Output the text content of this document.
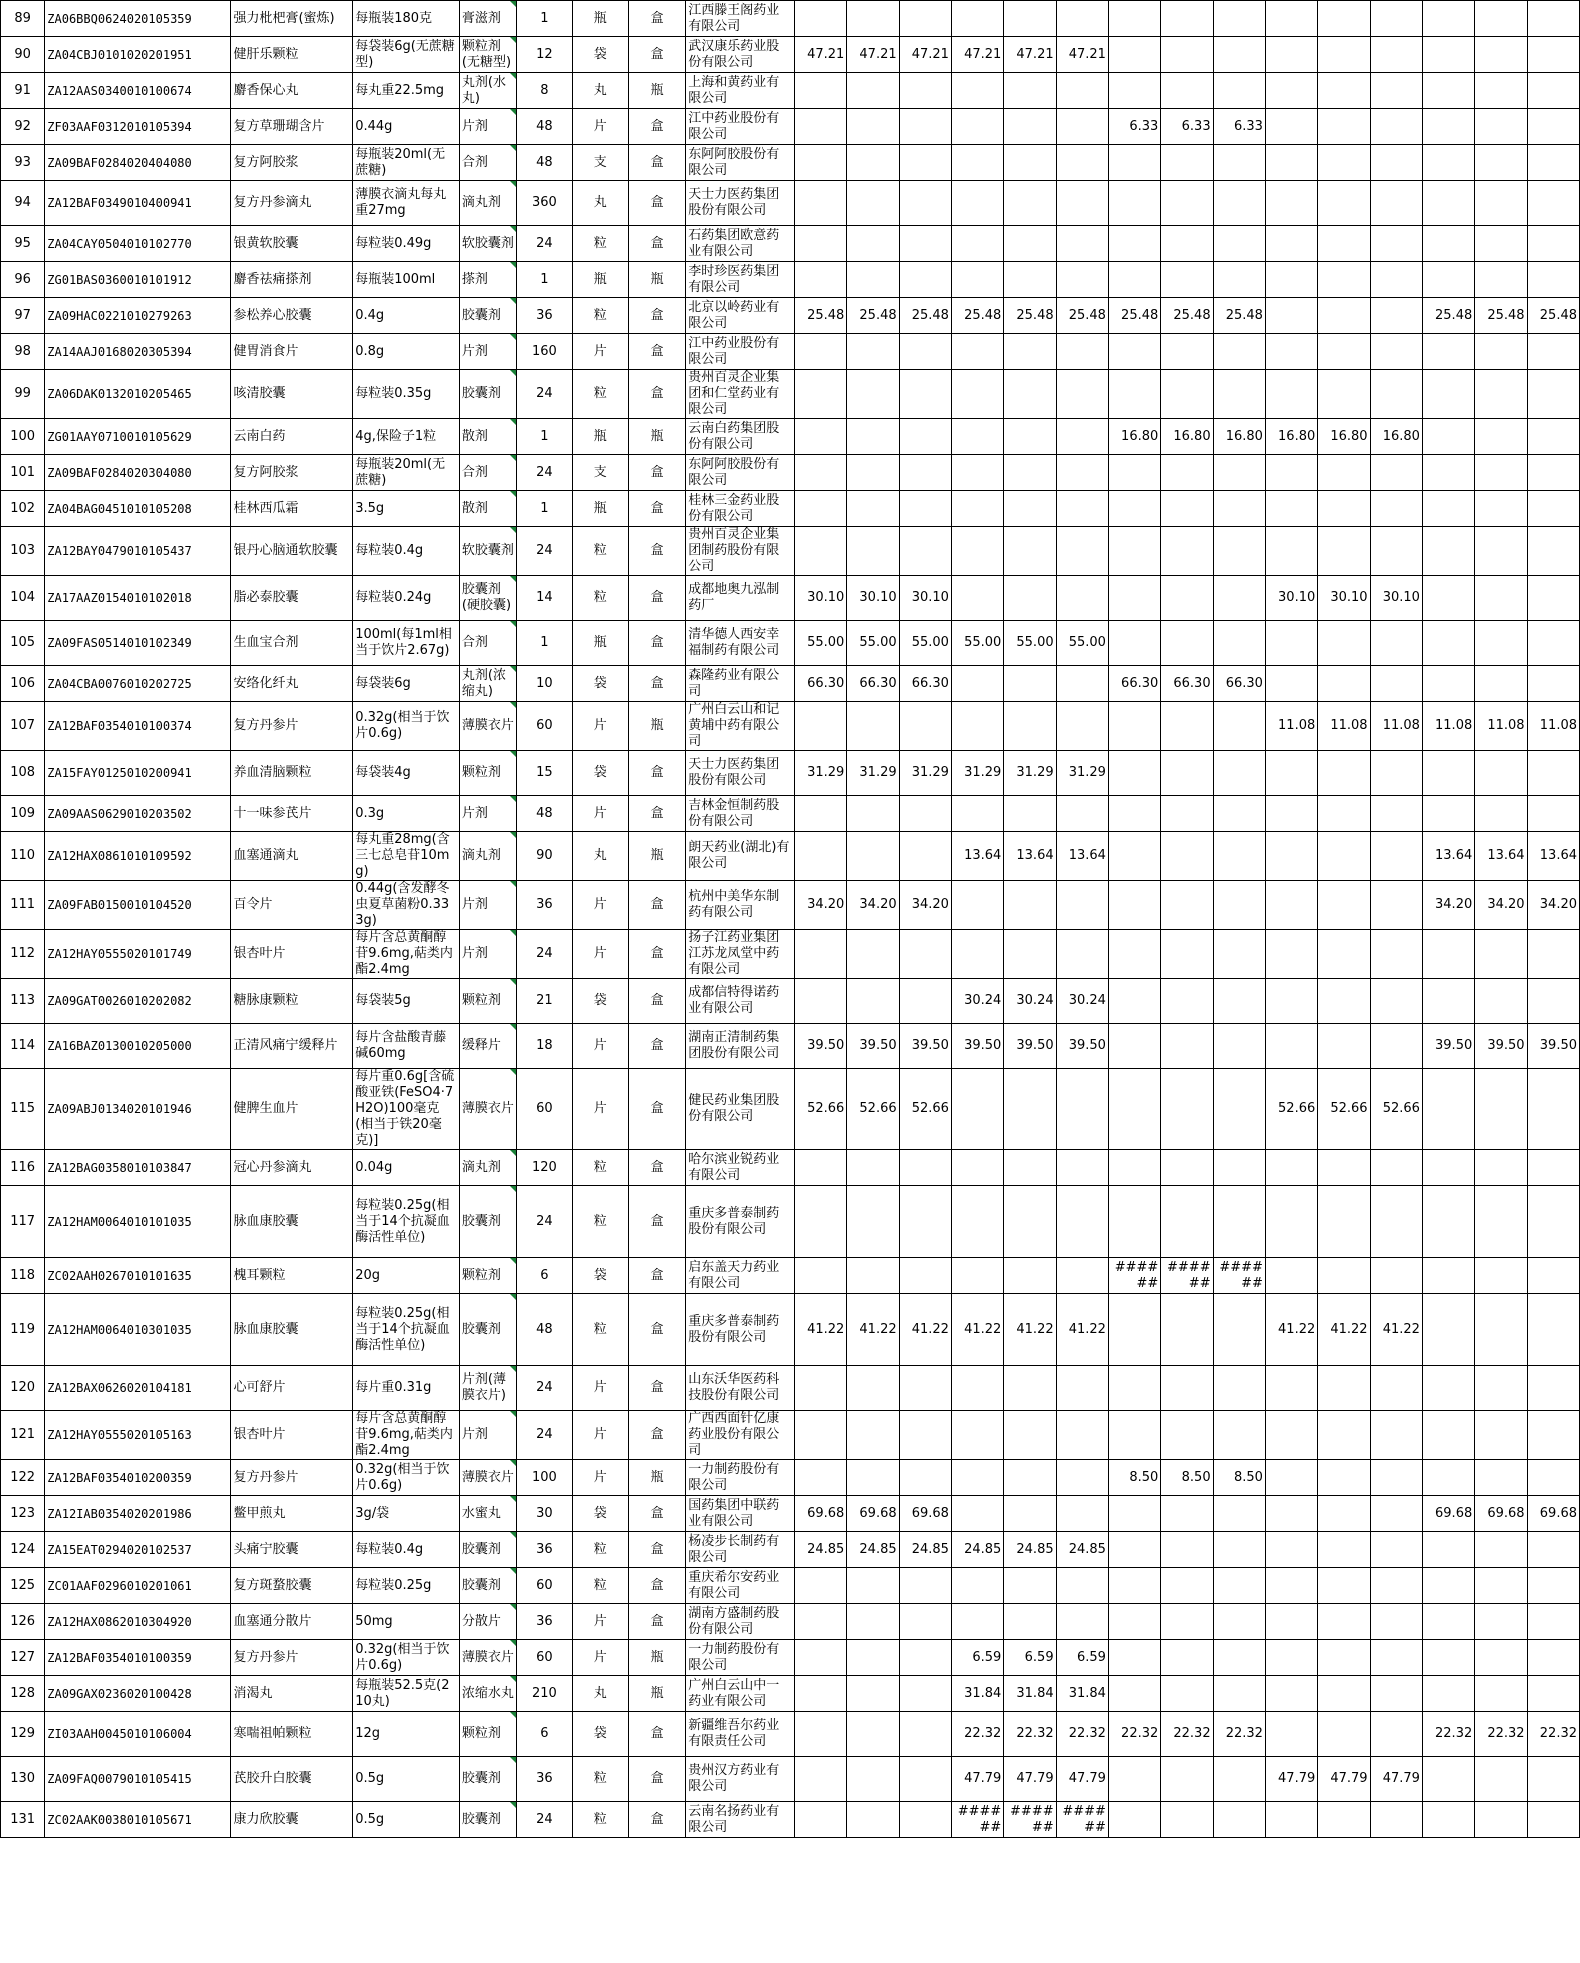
89	ZA06BBQ0624020105359	强力枇杷膏(蜜炼)	每瓶装180克	膏滋剂	1	瓶	盒	江西滕王阁药业有限公司															
90	ZA04CBJ0101020201951	健肝乐颗粒	每袋装6g(无蔗糖型)	颗粒剂(无糖型)	12	袋	盒	武汉康乐药业股份有限公司	47.21	47.21	47.21	47.21	47.21	47.21									
91	ZA12AAS0340010100674	麝香保心丸	每丸重22.5mg	丸剂(水丸)	8	丸	瓶	上海和黄药业有限公司															
92	ZF03AAF0312010105394	复方草珊瑚含片	0.44g	片剂	48	片	盒	江中药业股份有限公司							6.33	6.33	6.33						
93	ZA09BAF0284020404080	复方阿胶浆	每瓶装20ml(无蔗糖)	合剂	48	支	盒	东阿阿胶股份有限公司															
94	ZA12BAF0349010400941	复方丹参滴丸	薄膜衣滴丸每丸重27mg	滴丸剂	360	丸	盒	天士力医药集团股份有限公司															
95	ZA04CAY0504010102770	银黄软胶囊	每粒装0.49g	软胶囊剂	24	粒	盒	石药集团欧意药业有限公司															
96	ZG01BAS0360010101912	麝香祛痛搽剂	每瓶装100ml	搽剂	1	瓶	瓶	李时珍医药集团有限公司															
97	ZA09HAC0221010279263	参松养心胶囊	0.4g	胶囊剂	36	粒	盒	北京以岭药业有限公司	25.48	25.48	25.48	25.48	25.48	25.48	25.48	25.48	25.48				25.48	25.48	25.48
98	ZA14AAJ0168020305394	健胃消食片	0.8g	片剂	160	片	盒	江中药业股份有限公司															
99	ZA06DAK0132010205465	咳清胶囊	每粒装0.35g	胶囊剂	24	粒	盒	贵州百灵企业集团和仁堂药业有限公司															
100	ZG01AAY0710010105629	云南白药	4g,保险子1粒	散剂	1	瓶	瓶	云南白药集团股份有限公司							16.80	16.80	16.80	16.80	16.80	16.80			
101	ZA09BAF0284020304080	复方阿胶浆	每瓶装20ml(无蔗糖)	合剂	24	支	盒	东阿阿胶股份有限公司															
102	ZA04BAG0451010105208	桂林西瓜霜	3.5g	散剂	1	瓶	盒	桂林三金药业股份有限公司															
103	ZA12BAY0479010105437	银丹心脑通软胶囊	每粒装0.4g	软胶囊剂	24	粒	盒	贵州百灵企业集团制药股份有限公司															
104	ZA17AAZ0154010102018	脂必泰胶囊	每粒装0.24g	胶囊剂(硬胶囊)	14	粒	盒	成都地奥九泓制药厂	30.10	30.10	30.10							30.10	30.10	30.10			
105	ZA09FAS0514010102349	生血宝合剂	100ml(每1ml相当于饮片2.67g)	合剂	1	瓶	盒	清华德人西安幸福制药有限公司	55.00	55.00	55.00	55.00	55.00	55.00									
106	ZA04CBA0076010202725	安络化纤丸	每袋装6g	丸剂(浓缩丸)	10	袋	盒	森隆药业有限公司	66.30	66.30	66.30				66.30	66.30	66.30						
107	ZA12BAF0354010100374	复方丹参片	0.32g(相当于饮片0.6g)	薄膜衣片	60	片	瓶	广州白云山和记黄埔中药有限公司										11.08	11.08	11.08	11.08	11.08	11.08
108	ZA15FAY0125010200941	养血清脑颗粒	每袋装4g	颗粒剂	15	袋	盒	天士力医药集团股份有限公司	31.29	31.29	31.29	31.29	31.29	31.29									
109	ZA09AAS0629010203502	十一味参芪片	0.3g	片剂	48	片	盒	吉林金恒制药股份有限公司															
110	ZA12HAX0861010109592	血塞通滴丸	每丸重28mg(含三七总皂苷10mg)	滴丸剂	90	丸	瓶	朗天药业(湖北)有限公司				13.64	13.64	13.64							13.64	13.64	13.64
111	ZA09FAB0150010104520	百令片	0.44g(含发酵冬虫夏草菌粉0.333g)	片剂	36	片	盒	杭州中美华东制药有限公司	34.20	34.20	34.20										34.20	34.20	34.20
112	ZA12HAY0555020101749	银杏叶片	每片含总黄酮醇苷9.6mg,萜类内酯2.4mg	片剂	24	片	盒	扬子江药业集团江苏龙凤堂中药有限公司															
113	ZA09GAT0026010202082	糖脉康颗粒	每袋装5g	颗粒剂	21	袋	盒	成都信特得诺药业有限公司				30.24	30.24	30.24									
114	ZA16BAZ0130010205000	正清风痛宁缓释片	每片含盐酸青藤碱60mg	缓释片	18	片	盒	湖南正清制药集团股份有限公司	39.50	39.50	39.50	39.50	39.50	39.50							39.50	39.50	39.50
115	ZA09ABJ0134020101946	健脾生血片	每片重0.6g[含硫酸亚铁(FeSO4·7H2O)100毫克(相当于铁20毫克)]	薄膜衣片	60	片	盒	健民药业集团股份有限公司	52.66	52.66	52.66							52.66	52.66	52.66			
116	ZA12BAG0358010103847	冠心丹参滴丸	0.04g	滴丸剂	120	粒	盒	哈尔滨业锐药业有限公司															
117	ZA12HAM0064010101035	脉血康胶囊	每粒装0.25g(相当于14个抗凝血酶活性单位)	胶囊剂	24	粒	盒	重庆多普泰制药股份有限公司															
118	ZC02AAH0267010101635	槐耳颗粒	20g	颗粒剂	6	袋	盒	启东盖天力药业有限公司							######	######	######						
119	ZA12HAM0064010301035	脉血康胶囊	每粒装0.25g(相当于14个抗凝血酶活性单位)	胶囊剂	48	粒	盒	重庆多普泰制药股份有限公司	41.22	41.22	41.22	41.22	41.22	41.22				41.22	41.22	41.22			
120	ZA12BAX0626020104181	心可舒片	每片重0.31g	片剂(薄膜衣片)	24	片	盒	山东沃华医药科技股份有限公司															
121	ZA12HAY0555020105163	银杏叶片	每片含总黄酮醇苷9.6mg,萜类内酯2.4mg	片剂	24	片	盒	广西西面针亿康药业股份有限公司															
122	ZA12BAF0354010200359	复方丹参片	0.32g(相当于饮片0.6g)	薄膜衣片	100	片	瓶	一力制药股份有限公司							8.50	8.50	8.50						
123	ZA12IAB0354020201986	鳖甲煎丸	3g/袋	水蜜丸	30	袋	盒	国药集团中联药业有限公司	69.68	69.68	69.68										69.68	69.68	69.68
124	ZA15EAT0294020102537	头痛宁胶囊	每粒装0.4g	胶囊剂	36	粒	盒	杨凌步长制药有限公司	24.85	24.85	24.85	24.85	24.85	24.85									
125	ZC01AAF0296010201061	复方斑蝥胶囊	每粒装0.25g	胶囊剂	60	粒	盒	重庆希尔安药业有限公司															
126	ZA12HAX0862010304920	血塞通分散片	50mg	分散片	36	片	盒	湖南方盛制药股份有限公司															
127	ZA12BAF0354010100359	复方丹参片	0.32g(相当于饮片0.6g)	薄膜衣片	60	片	瓶	一力制药股份有限公司				6.59	6.59	6.59									
128	ZA09GAX0236020100428	消渴丸	每瓶装52.5克(210丸)	浓缩水丸	210	丸	瓶	广州白云山中一药业有限公司				31.84	31.84	31.84									
129	ZI03AAH0045010106004	寒喘祖帕颗粒	12g	颗粒剂	6	袋	盒	新疆维吾尔药业有限责任公司				22.32	22.32	22.32	22.32	22.32	22.32				22.32	22.32	22.32
130	ZA09FAQ0079010105415	芪胶升白胶囊	0.5g	胶囊剂	36	粒	盒	贵州汉方药业有限公司				47.79	47.79	47.79				47.79	47.79	47.79			
131	ZC02AAK0038010105671	康力欣胶囊	0.5g	胶囊剂	24	粒	盒	云南名扬药业有限公司				######	######	######									
